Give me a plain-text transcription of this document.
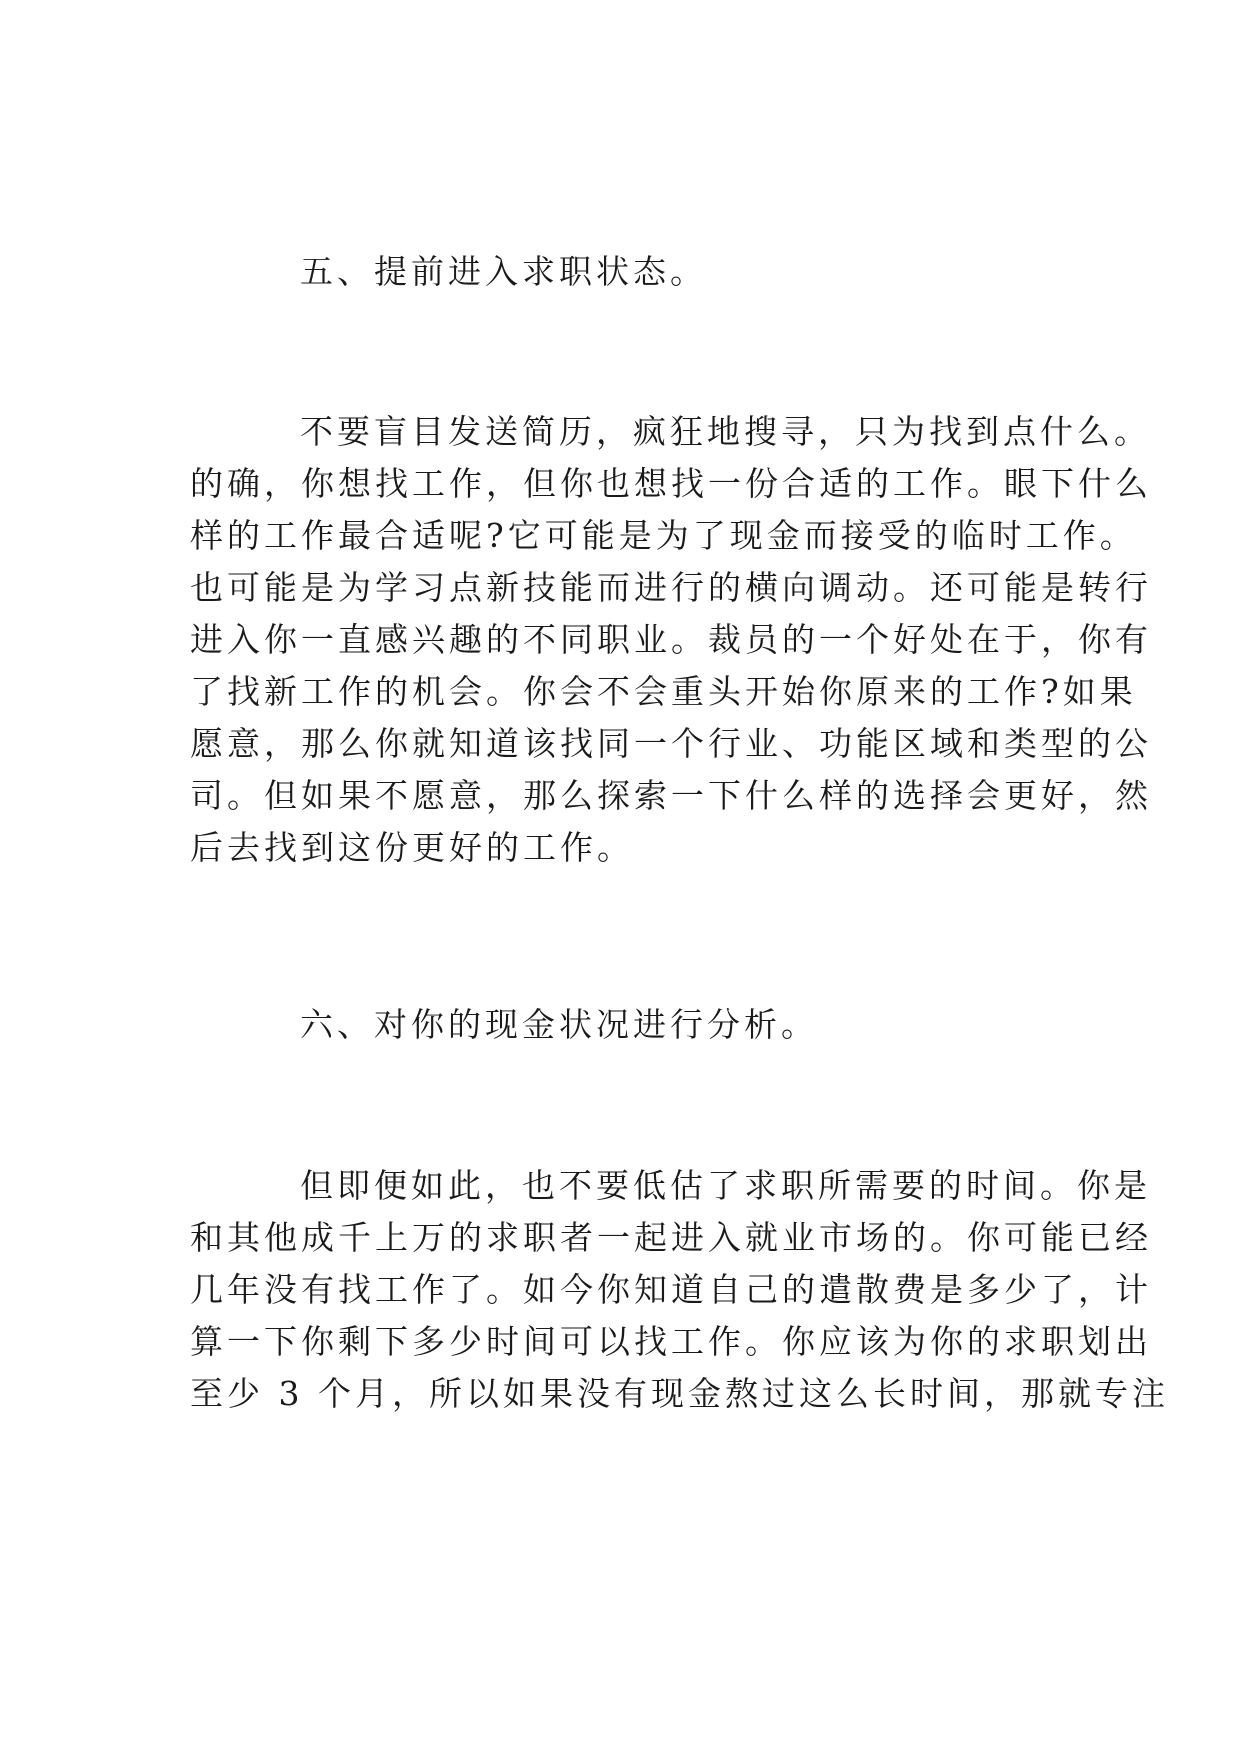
五、提前进入求职状态。
不要盲目发送简历，疯狂地搜寻，只为找到点什么。
的确，你想找工作，但你也想找一份合适的工作。眼下什么
样的工作最合适呢?它可能是为了现金而接受的临时工作。
也可能是为学习点新技能而进行的横向调动。还可能是转行
进入你一直感兴趣的不同职业。裁员的一个好处在于，你有
了找新工作的机会。你会不会重头开始你原来的工作?如果
愿意，那么你就知道该找同一个行业、功能区域和类型的公
司。但如果不愿意，那么探索一下什么样的选择会更好，然
后去找到这份更好的工作。
六、对你的现金状况进行分析。
但即便如此，也不要低估了求职所需要的时间。你是
和其他成千上万的求职者一起进入就业市场的。你可能已经
几年没有找工作了。如今你知道自己的遣散费是多少了，计
算一下你剩下多少时间可以找工作。你应该为你的求职划出
至少 3 个月，所以如果没有现金熬过这么长时间，那就专注
